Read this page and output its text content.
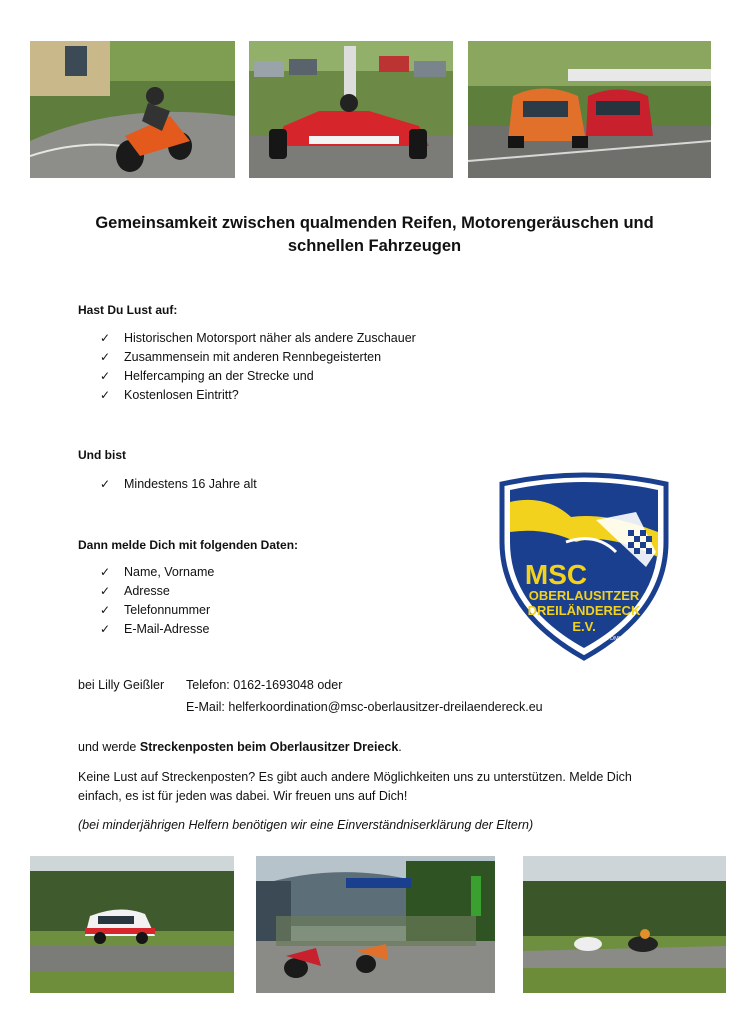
Gemeinsamkeit zwischen qualmenden Reifen, Motorengeräuschen und
schnellen Fahrzeugen
Hast Du Lust auf:
✓ Historischen Motorsport näher als andere Zuschauer
✓ Zusammensein mit anderen Rennbegeisterten
✓ Helfercamping an der Strecke und
✓ Kostenlosen Eintritt?
Und bist
✓ Mindestens 16 Jahre alt
Dann melde Dich mit folgenden Daten:
✓ Name, Vorname
✓ Adresse
✓ Telefonnummer
✓ E-Mail-Adresse
MSC
OBERLAUSITZER
DREILÄNDERECK
E.V.
im DMV e.V.
bei Lilly Geißler Telefon: 0162-1693048 oder
E-Mail: helferkoordination@msc-oberlausitzer-dreilaendereck.eu
und werde Streckenposten beim Oberlausitzer Dreieck.
Keine Lust auf Streckenposten? Es gibt auch andere Möglichkeiten uns zu unterstützen. Melde Dich einfach, es ist für jeden was dabei. Wir freuen uns auf Dich!
(bei minderjährigen Helfern benötigen wir eine Einverständniserklärung der Eltern)
